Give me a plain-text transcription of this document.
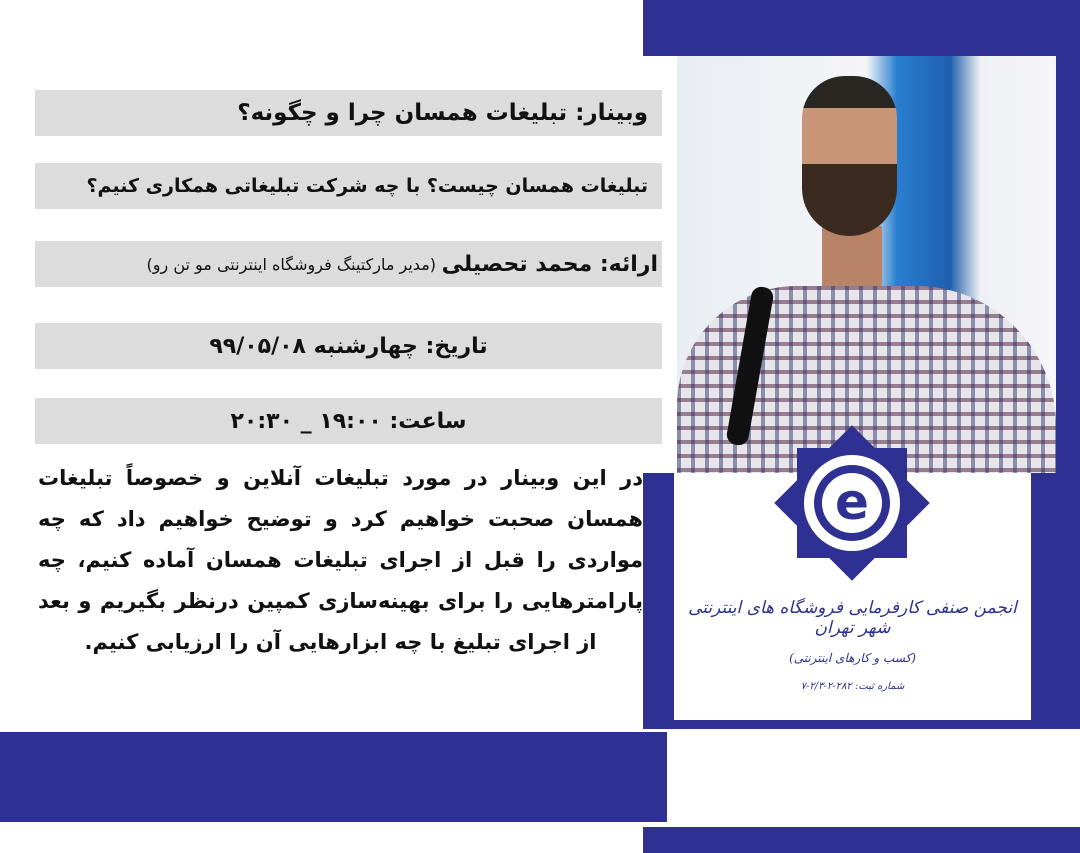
وبینار: تبلیغات همسان چرا و چگونه؟
تبلیغات همسان چیست؟ با چه شرکت تبلیغاتی همکاری کنیم؟
ارائه: محمد تحصیلی

(مدیر مارکتینگ فروشگاه اینترنتی مو تن رو)
تاریخ: چهارشنبه ۹۹/۰۵/۰۸
ساعت: ۱۹:۰۰ _ ۲۰:۳۰
در این وبینار در مورد تبلیغات آنلاین و خصوصاً تبلیغات همسان صحبت خواهیم کرد و توضیح خواهیم داد که چه مواردی را قبل از اجرای تبلیغات همسان آماده کنیم، چه پارامترهایی را برای بهینه‌سازی کمپین درنظر بگیریم و بعد از اجرای تبلیغ با چه ابزارهایی آن را ارزیابی کنیم.
e
انجمن صنفی کارفرمایی فروشگاه های اینترنتی شهر تهران
(کسب و کارهای اینترنتی)
شماره ثبت: ۲۸۲-۲-۲/۳-۷
